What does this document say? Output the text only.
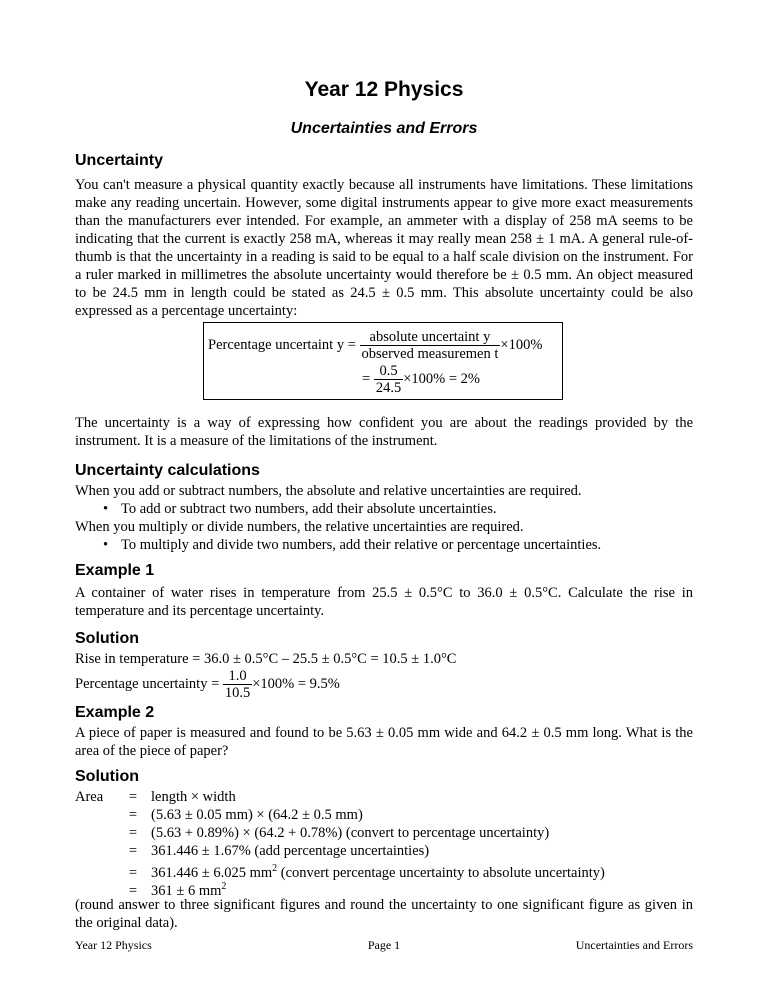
Year 12 Physics
Uncertainties and Errors
Uncertainty

You can't measure a physical quantity exactly because all instruments have limitations. These limitations make any reading uncertain. However, some digital instruments appear to give more exact measurements than the manufacturers ever intended. For example, an ammeter with a display of 258 mA seems to be indicating that the current is exactly 258 mA, whereas it may really mean 258 ± 1 mA. A general rule-of-thumb is that the uncertainty in a reading is said to be equal to a half scale division on the instrument. For a ruler marked in millimetres the absolute uncertainty would therefore be ± 0.5 mm. An object measured to be 24.5 mm in length could be stated as 24.5 ± 0.5 mm. This absolute uncertainty could be also expressed as a percentage uncertainty:

Percentage uncertaint $y = \frac{\text{absolute uncertaint y}}{\text{observed measuremen t}} \times 100\%$
= $\frac{0.5}{24.5} \times 100\% = 2\%$

The uncertainty is a way of expressing how confident you are about the readings provided by the instrument. It is a measure of the limitations of the instrument.

Uncertainty calculations
When you add or subtract numbers, the absolute and relative uncertainties are required.
• To add or subtract two numbers, add their absolute uncertainties.
When you multiply or divide numbers, the relative uncertainties are required.
• To multiply and divide two numbers, add their relative or percentage uncertainties.
Example 1

A container of water rises in temperature from 25.5 ± 0.5°C to 36.0 ± 0.5°C. Calculate the rise in temperature and its percentage uncertainty.

Solution
Rise in temperature = 36.0 ± 0.5°C – 25.5 ± 0.5°C = 10.5 ± 1.0°C
Percentage uncertainty = $\frac{1.0}{10.5} \times 100\% = 9.5\%$
Example 2

A piece of paper is measured and found to be 5.63 ± 0.05 mm wide and 64.2 ± 0.5 mm long. What is the area of the piece of paper?

Solution
Area = length × width
= (5.63 ± 0.05 mm) × (64.2 ± 0.5 mm)
= (5.63 + 0.89%) × (64.2 + 0.78%) (convert to percentage uncertainty)
= 361.446 ± 1.67% (add percentage uncertainties)
= 361.446 ± 6.025 $mm^2$ (convert percentage uncertainty to absolute uncertainty)
= 361 ± 6 $mm^2$

(round answer to three significant figures and round the uncertainty to one significant figure as given in the original data).

Year 12 Physics	Page 1	Uncertainties and Errors
